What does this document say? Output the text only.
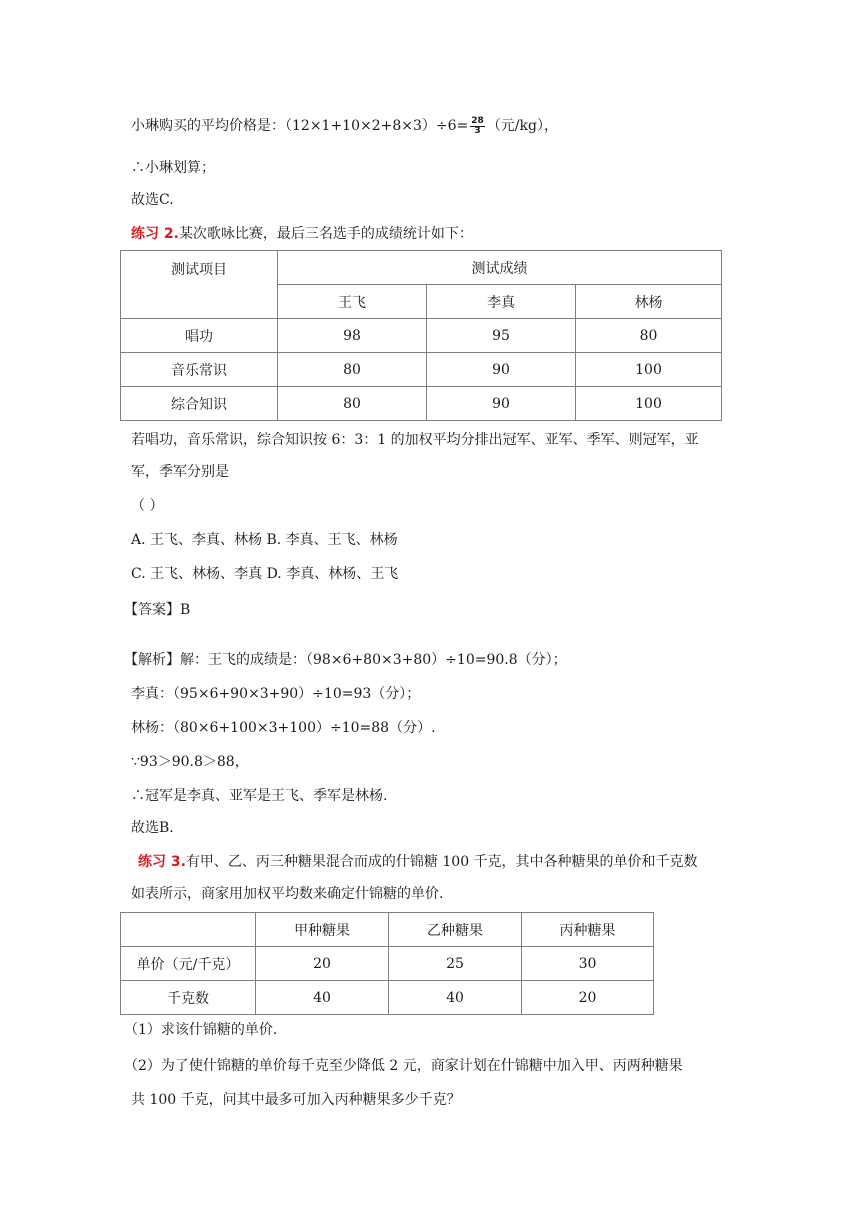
小琳购买的平均价格是：$(12\times 1+10\times 2+8\times 3)\div 6= \frac{28}{3}$ （元/kg），
∴小琳划算；
故选C.
练习 2.某次歌咏比赛，最后三名选手的成绩统计如下：
测试项目	测试成绩		
	王飞	李真	林杨
唱功	98	95	80
音乐常识	80	90	100
综合知识	80	90	100
若唱功，音乐常识，综合知识按 6：3：1 的加权平均分排出冠军、亚军、季军、则冠军，亚
军，季军分别是
（ ）
A. 王飞、李真、林杨 B. 李真、王飞、林杨
C. 王飞、林杨、李真 D. 李真、林杨、王飞
【答案】B
【解析】解：王飞的成绩是：（98×6+80×3+80）÷10=90.8（分）；
李真：（95×6+90×3+90）÷10=93（分）；
林杨：（80×6+100×3+100）÷10=88（分）.
∵93＞90.8＞88，
∴冠军是李真、亚军是王飞、季军是林杨.
故选B.
练习 3.有甲、乙、丙三种糖果混合而成的什锦糖 100 千克，其中各种糖果的单价和千克数
如表所示，商家用加权平均数来确定什锦糖的单价.
	甲种糖果	乙种糖果	丙种糖果
单价（元/千克）	20	25	30
千克数	40	40	20
（1）求该什锦糖的单价.
（2）为了使什锦糖的单价每千克至少降低 2 元，商家计划在什锦糖中加入甲、丙两种糖果
共 100 千克，问其中最多可加入丙种糖果多少千克？
